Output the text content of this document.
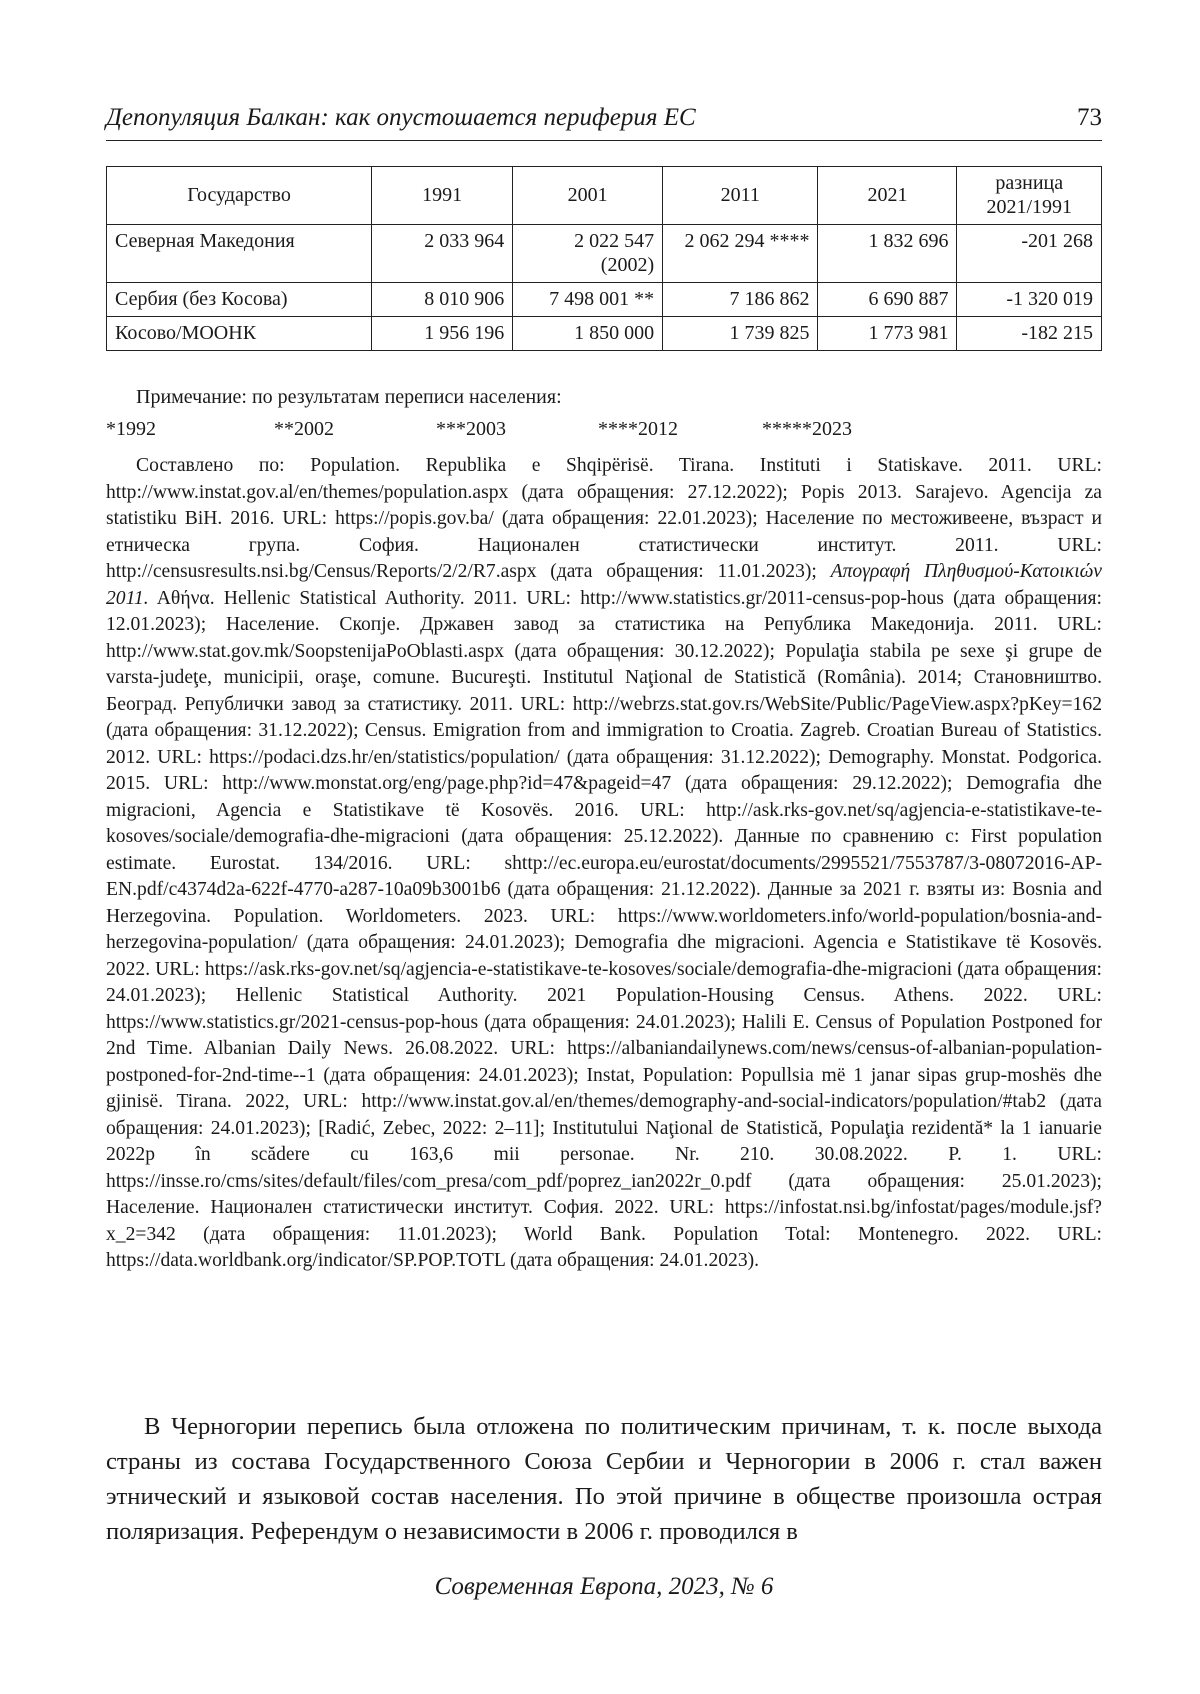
Депопуляция Балкан: как опустошается периферия ЕС	73
Государство	1991	2001	2011	2021	разница 2021/1991
Северная Македония	2 033 964	2 022 547 (2002)	2 062 294 ****	1 832 696	-201 268
Сербия (без Косова)	8 010 906	7 498 001 **	7 186 862	6 690 887	-1 320 019
Косово/МООНК	1 956 196	1 850 000	1 739 825	1 773 981	-182 215
Примечание: по результатам переписи населения:
*1992	**2002	***2003	****2012	*****2023

Составлено по: Population. Republika e Shqipërisë. Tirana. Instituti i Statiskave. 2011. URL: http://www.instat.gov.al/en/themes/population.aspx (дата обращения: 27.12.2022); Popis 2013. Sarajevo. Agencija za statistiku BiH. 2016. URL: https://popis.gov.ba/ (дата обращения: 22.01.2023); Население по местоживеене, възраст и етническа група. София. Национален статистически институт. 2011. URL: http://censusresults.nsi.bg/Census/Reports/2/2/R7.aspx (дата обращения: 11.01.2023); Απογραφή Πληθυσμού-Κατοικιών 2011. Αθήνα. Hellenic Statistical Authority. 2011. URL: http://www.statistics.gr/2011-census-pop-hous (дата обращения: 12.01.2023); Население. Скопје. Државен завод за статистика на Република Македонија. 2011. URL: http://www.stat.gov.mk/SoopstenijaPoOblasti.aspx (дата обращения: 30.12.2022); Populaţia stabila pe sexe şi grupe de varsta-judeţe, municipii, oraşe, comune. Bucureşti. Institutul Naţional de Statistică (România). 2014; Становништво. Београд. Републички завод за статистику. 2011. URL: http://webrzs.stat.gov.rs/WebSite/Public/PageView.aspx?pKey=162 (дата обращения: 31.12.2022); Census. Emigration from and immigration to Croatia. Zagreb. Croatian Bureau of Statistics. 2012. URL: https://podaci.dzs.hr/en/statistics/population/ (дата обращения: 31.12.2022); Demography. Monstat. Podgorica. 2015. URL: http://www.monstat.org/eng/page.php?id=47&pageid=47 (дата обращения: 29.12.2022); Demografia dhe migracioni, Agencia e Statistikave të Kosovës. 2016. URL: http://ask.rks-gov.net/sq/agjencia-e-statistikave-te-kosoves/sociale/demografia-dhe-migracioni (дата обращения: 25.12.2022). Данные по сравнению с: First population estimate. Eurostat. 134/2016. URL: shttp://ec.europa.eu/eurostat/documents/2995521/7553787/3-08072016-AP-EN.pdf/c4374d2a-622f-4770-a287-10a09b3001b6 (дата обращения: 21.12.2022). Данные за 2021 г. взяты из: Bosnia and Herzegovina. Population. Worldometers. 2023. URL: https://www.worldometers.info/world-population/bosnia-and-herzegovina-population/ (дата обращения: 24.01.2023); Demografia dhe migracioni. Agencia e Statistikave të Kosovës. 2022. URL: https://ask.rks-gov.net/sq/agjencia-e-statistikave-te-kosoves/sociale/demografia-dhe-migracioni (дата обращения: 24.01.2023); Hellenic Statistical Authority. 2021 Population-Housing Census. Athens. 2022. URL: https://www.statistics.gr/2021-census-pop-hous (дата обращения: 24.01.2023); Halili E. Census of Population Postponed for 2nd Time. Albanian Daily News. 26.08.2022. URL: https://albaniandailynews.com/news/census-of-albanian-population-postponed-for-2nd-time--1 (дата обращения: 24.01.2023); Instat, Population: Popullsia më 1 janar sipas grup-moshës dhe gjinisë. Tirana. 2022, URL: http://www.instat.gov.al/en/themes/demography-and-social-indicators/population/#tab2 (дата обращения: 24.01.2023); [Radić, Zebec, 2022: 2–11]; Institutului Naţional de Statistică, Populaţia rezidentă* la 1 ianuarie 2022p în scădere cu 163,6 mii personae. Nr. 210. 30.08.2022. P. 1. URL: https://insse.ro/cms/sites/default/files/com_presa/com_pdf/poprez_ian2022r_0.pdf (дата обращения: 25.01.2023); Население. Национален статистически институт. София. 2022. URL: https://infostat.nsi.bg/infostat/pages/module.jsf?x_2=342 (дата обращения: 11.01.2023); World Bank. Population Total: Montenegro. 2022. URL: https://data.worldbank.org/indicator/SP.POP.TOTL (дата обращения: 24.01.2023).

В Черногории перепись была отложена по политическим причинам, т. к. после выхода страны из состава Государственного Союза Сербии и Черногории в 2006 г. стал важен этнический и языковой состав населения. По этой причине в обществе произошла острая поляризация. Референдум о независимости в 2006 г. проводился в

Современная Европа, 2023, № 6
